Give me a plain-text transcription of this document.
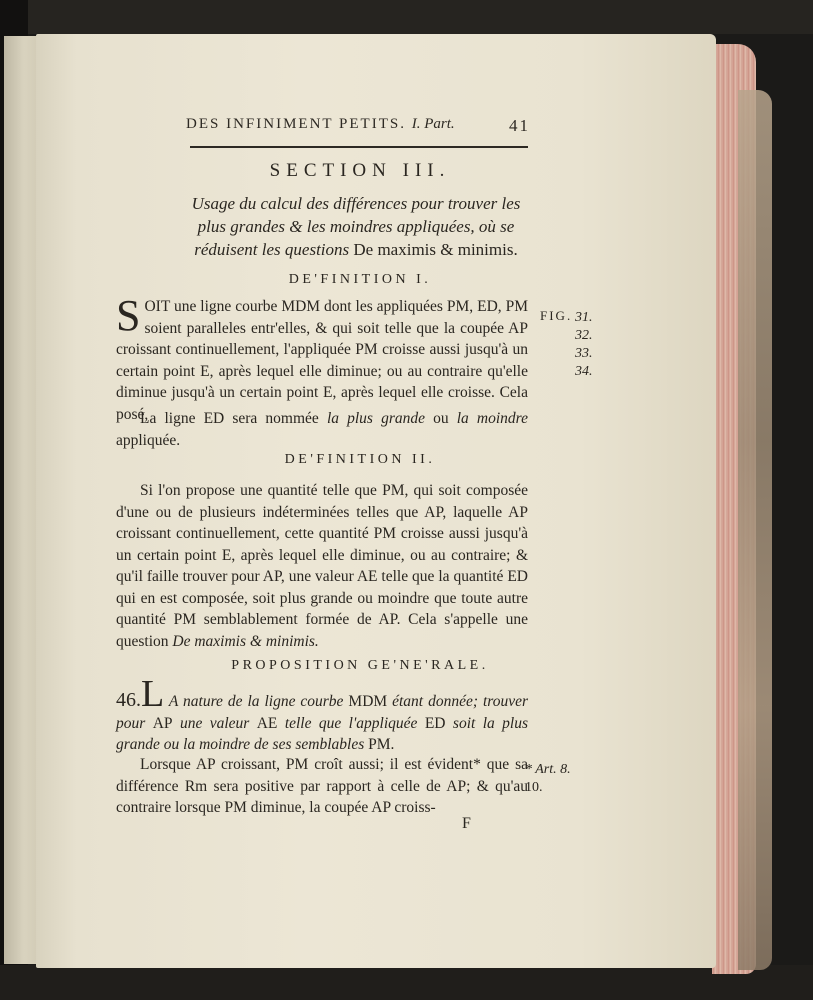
DES INFINIMENT PETITS. I. Part.	41
SECTION III.
Usage du calcul des différences pour trouver les plus grandes & les moindres appliquées, où se réduisent les questions De maximis & minimis.
DE'FINITION I.
SOIT une ligne courbe MDM dont les appliquées PM, ED, PM soient paralleles entr'elles, & qui soit telle que la coupée AP croissant continuellement, l'appliquée PM croisse aussi jusqu'à un certain point E, après lequel elle diminue; ou au contraire qu'elle diminue jusqu'à un certain point E, après lequel elle croisse. Cela posé,
La ligne ED sera nommée la plus grande ou la moindre appliquée.
DE'FINITION II.
Si l'on propose une quantité telle que PM, qui soit composée d'une ou de plusieurs indéterminées telles que AP, laquelle AP croissant continuellement, cette quantité PM croisse aussi jusqu'à un certain point E, après lequel elle diminue, ou au contraire; & qu'il faille trouver pour AP, une valeur AE telle que la quantité ED qui en est composée, soit plus grande ou moindre que toute autre quantité PM semblablement formée de AP. Cela s'appelle une question De maximis & minimis.
PROPOSITION GE'NE'RALE.
46.L A nature de la ligne courbe MDM étant donnée; trouver pour AP une valeur AE telle que l'appliquée ED soit la plus grande ou la moindre de ses semblables PM.
Lorsque AP croissant, PM croît aussi; il est évident* que sa différence Rm sera positive par rapport à celle de AP; & qu'au contraire lorsque PM diminue, la coupée AP croiss-
FIG. 31.
32.
33.
34.
* Art. 8.
10.
F
